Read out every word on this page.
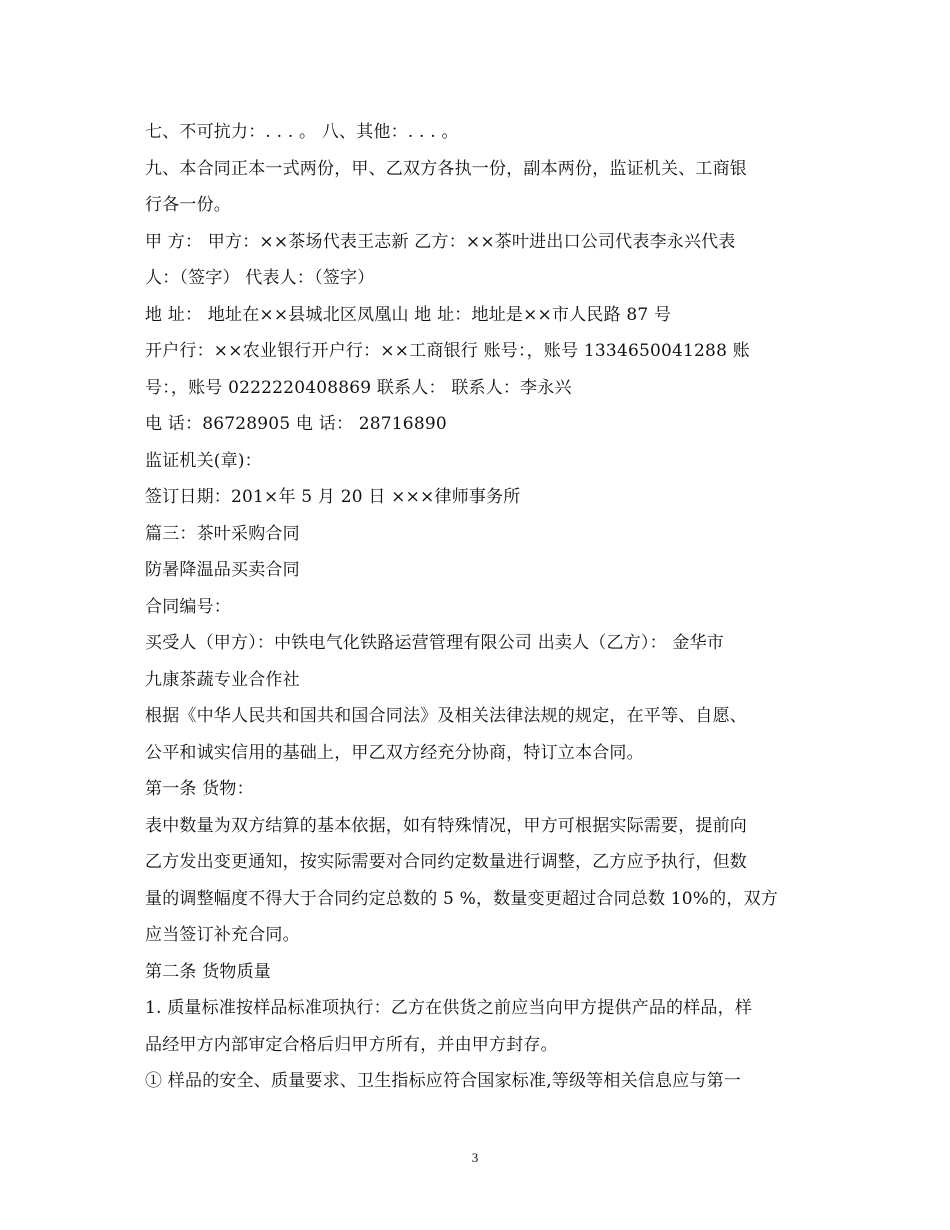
七、不可抗力：. . . 。 八、其他：. . . 。
九、本合同正本一式两份，甲、乙双方各执一份，副本两份，监证机关、工商银
行各一份。
甲 方： 甲方：××茶场代表王志新 乙方：××茶叶进出口公司代表李永兴代表
人：（签字） 代表人：（签字）
地 址： 地址在××县城北区凤凰山 地 址：地址是××市人民路 87 号
开户行：××农业银行开户行：××工商银行 账号：，账号 1334650041288 账
号：，账号 0222220408869 联系人： 联系人：李永兴
电 话：86728905 电 话： 28716890
监证机关(章)：
签订日期：201×年 5 月 20 日 ×××律师事务所
篇三：茶叶采购合同
防暑降温品买卖合同
合同编号：
买受人（甲方）：中铁电气化铁路运营管理有限公司 出卖人（乙方）： 金华市
九康茶蔬专业合作社
根据《中华人民共和国共和国合同法》及相关法律法规的规定，在平等、自愿、
公平和诚实信用的基础上，甲乙双方经充分协商，特订立本合同。
第一条 货物：
表中数量为双方结算的基本依据，如有特殊情况，甲方可根据实际需要，提前向
乙方发出变更通知，按实际需要对合同约定数量进行调整，乙方应予执行，但数
量的调整幅度不得大于合同约定总数的 5 %，数量变更超过合同总数 10%的，双方
应当签订补充合同。
第二条 货物质量
1. 质量标准按样品标准项执行：乙方在供货之前应当向甲方提供产品的样品，样
品经甲方内部审定合格后归甲方所有，并由甲方封存。
① 样品的安全、质量要求、卫生指标应符合国家标准,等级等相关信息应与第一
3
